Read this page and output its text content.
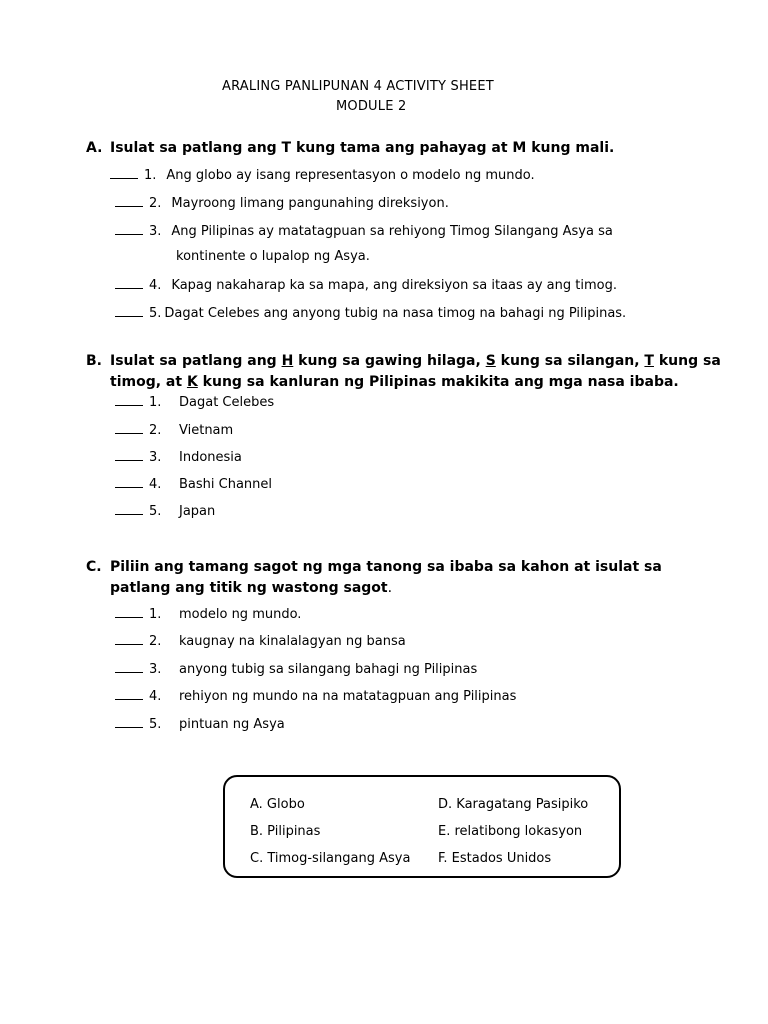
ARALING PANLIPUNAN 4 ACTIVITY SHEET
MODULE 2
A. Isulat sa patlang ang T kung tama ang pahayag at M kung mali.
1. Ang globo ay isang representasyon o modelo ng mundo.
2. Mayroong limang pangunahing direksiyon.
3. Ang Pilipinas ay matatagpuan sa rehiyong Timog Silangang Asya sa
kontinente o lupalop ng Asya.
4. Kapag nakaharap ka sa mapa, ang direksiyon sa itaas ay ang timog.
5. Dagat Celebes ang anyong tubig na nasa timog na bahagi ng Pilipinas.
B. Isulat sa patlang ang H kung sa gawing hilaga, S kung sa silangan, T kung sa
timog, at K kung sa kanluran ng Pilipinas makikita ang mga nasa ibaba.
1.	Dagat Celebes
2.	Vietnam
3.	Indonesia
4.	Bashi Channel
5.	Japan
C. Piliin ang tamang sagot ng mga tanong sa ibaba sa kahon at isulat sa
patlang ang titik ng wastong sagot.
1.	modelo ng mundo.
2.	kaugnay na kinalalagyan ng bansa
3.	anyong tubig sa silangang bahagi ng Pilipinas
4.	rehiyon ng mundo na na matatagpuan ang Pilipinas
5.	pintuan ng Asya
A. Globo
B. Pilipinas
C. Timog-silangang Asya
D. Karagatang Pasipiko
E. relatibong lokasyon
F. Estados Unidos
